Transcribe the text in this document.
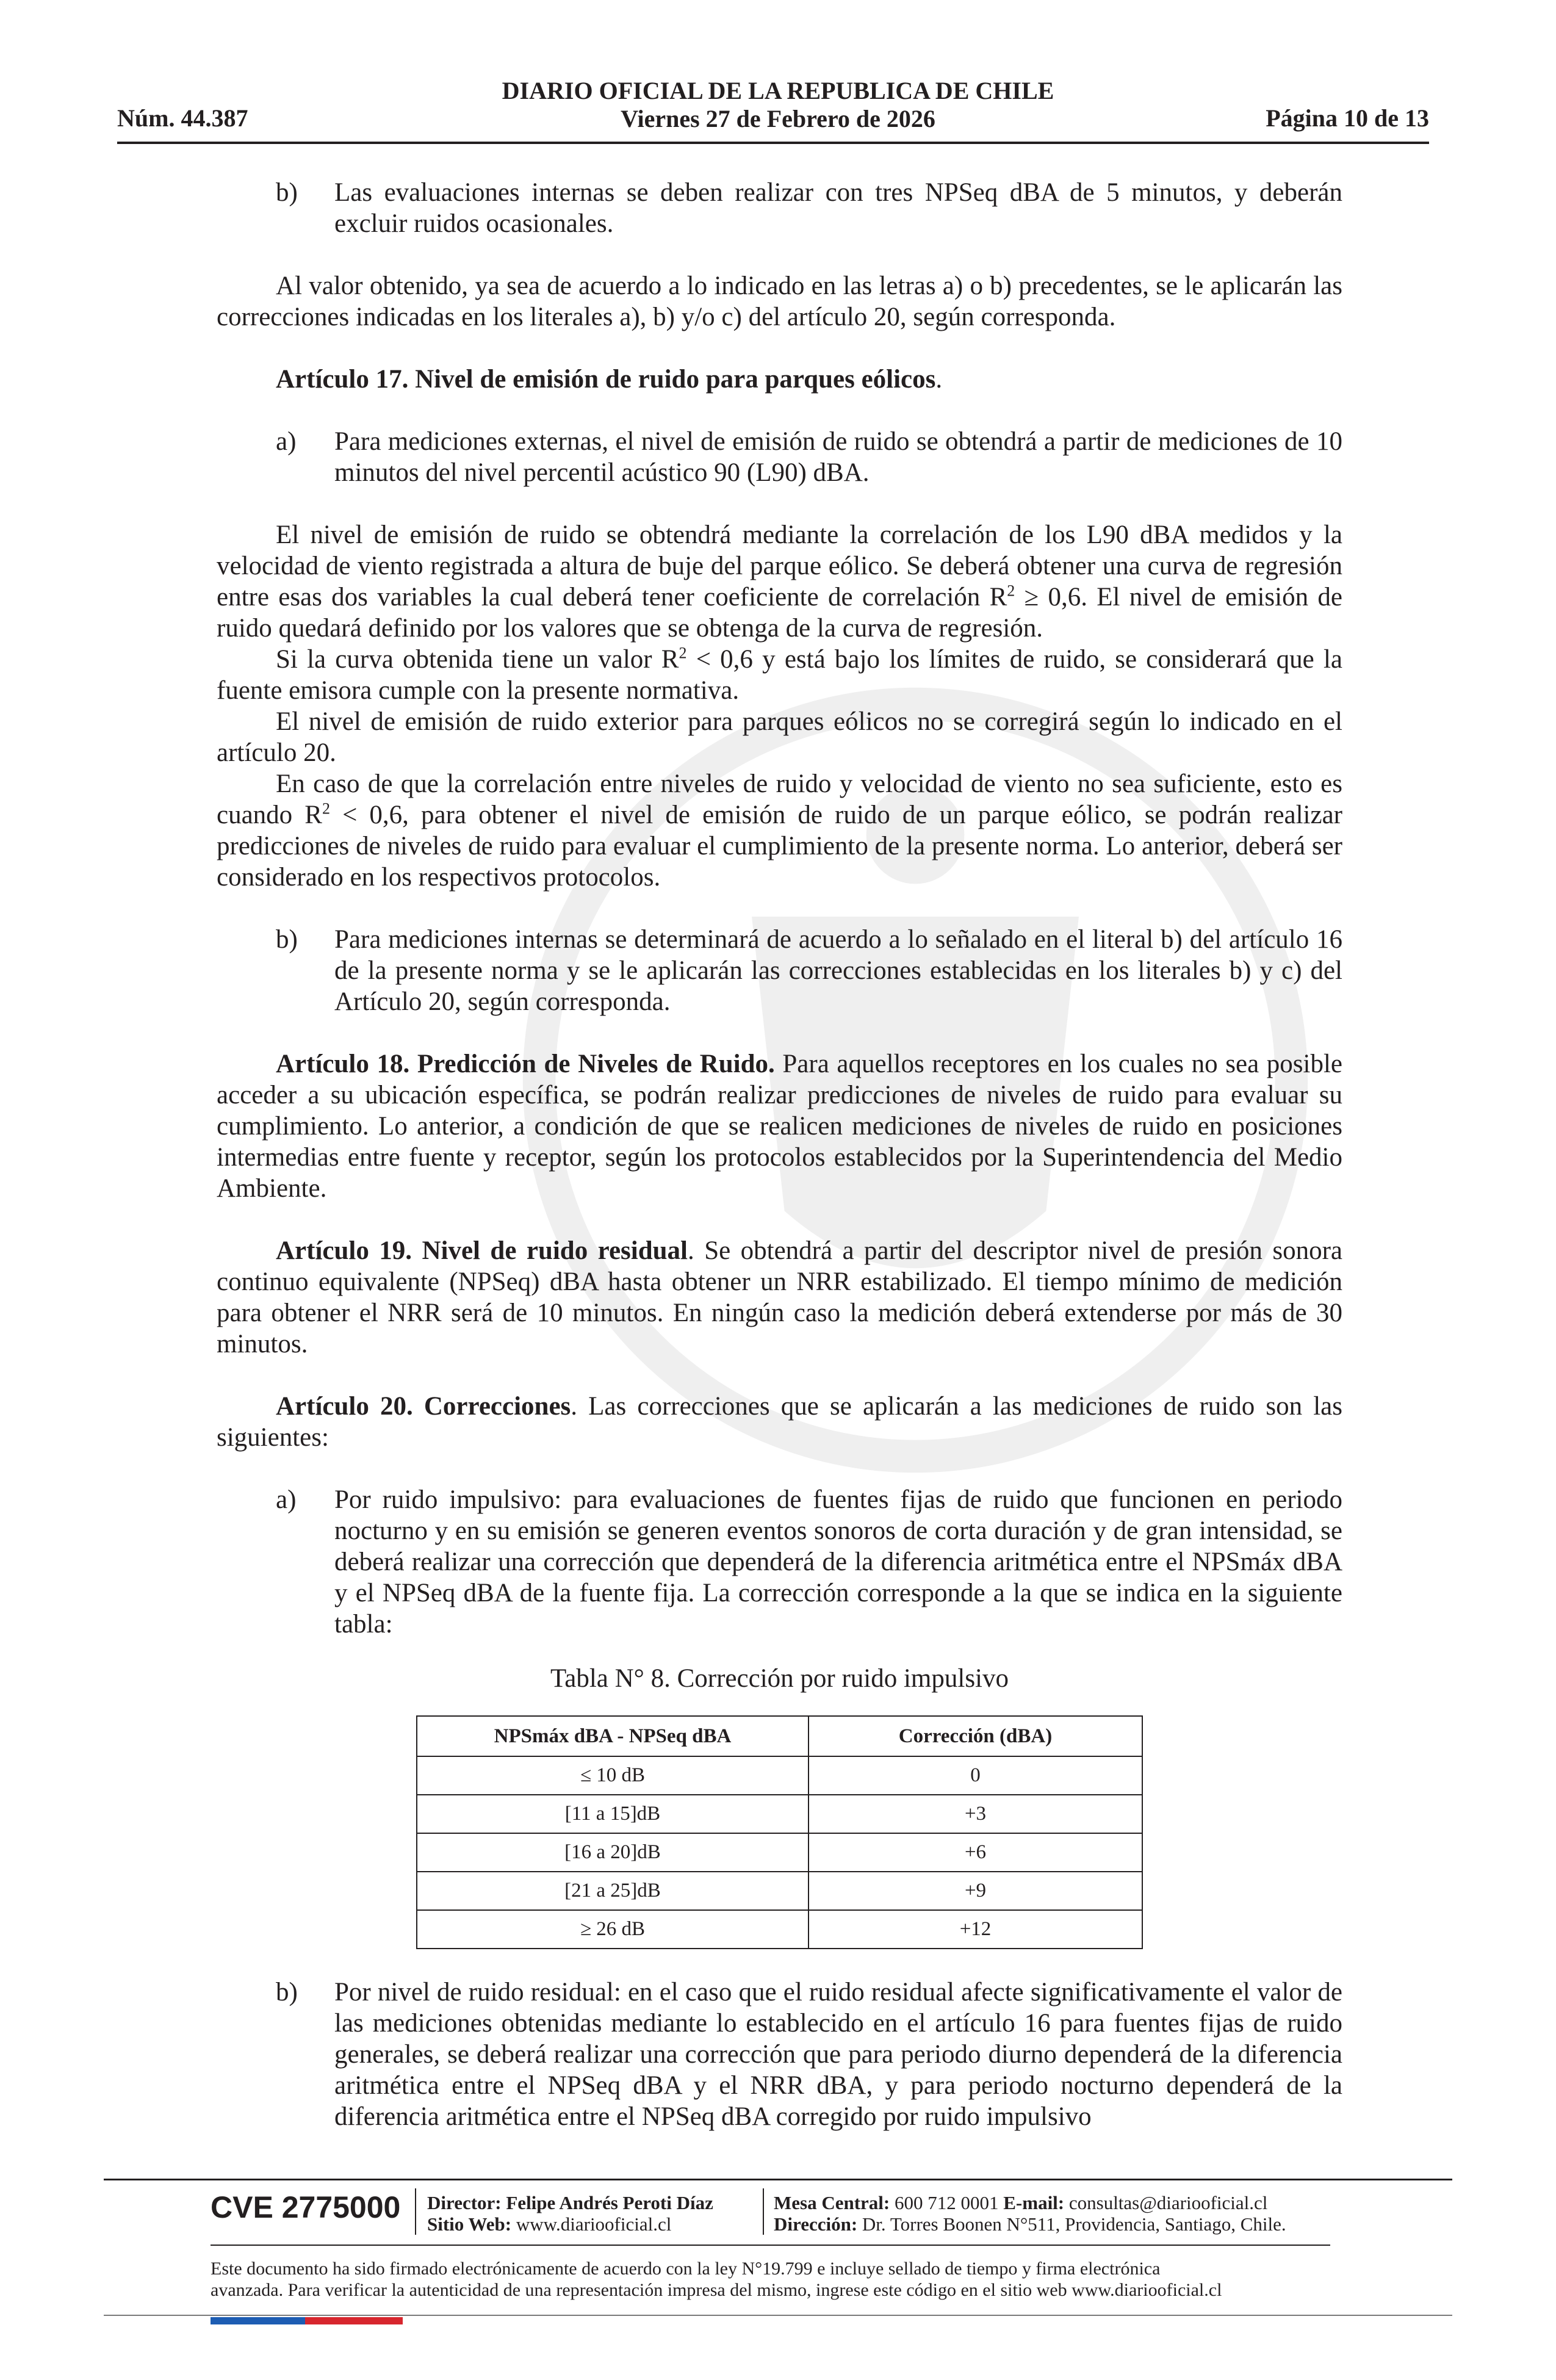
Núm. 44.387
DIARIO OFICIAL DE LA REPUBLICA DE CHILE
Viernes 27 de Febrero de 2026	Página 10 de 13
b) Las evaluaciones internas se deben realizar con tres NPSeq dBA de 5 minutos, y deberán excluir ruidos ocasionales.

Al valor obtenido, ya sea de acuerdo a lo indicado en las letras a) o b) precedentes, se le aplicarán las correcciones indicadas en los literales a), b) y/o c) del artículo 20, según corresponda.

Artículo 17. Nivel de emisión de ruido para parques eólicos.

a) Para mediciones externas, el nivel de emisión de ruido se obtendrá a partir de mediciones de 10 minutos del nivel percentil acústico 90 (L90) dBA.

El nivel de emisión de ruido se obtendrá mediante la correlación de los L90 dBA medidos y la velocidad de viento registrada a altura de buje del parque eólico. Se deberá obtener una curva de regresión entre esas dos variables la cual deberá tener coeficiente de correlación $R^2 \ge 0,6$. El nivel de emisión de ruido quedará definido por los valores que se obtenga de la curva de regresión.

Si la curva obtenida tiene un valor $R^2 < 0,6$ y está bajo los límites de ruido, se considerará que la fuente emisora cumple con la presente normativa.

El nivel de emisión de ruido exterior para parques eólicos no se corregirá según lo indicado en el artículo 20.

En caso de que la correlación entre niveles de ruido y velocidad de viento no sea suficiente, esto es cuando $R^2 < 0,6$, para obtener el nivel de emisión de ruido de un parque eólico, se podrán realizar predicciones de niveles de ruido para evaluar el cumplimiento de la presente norma. Lo anterior, deberá ser considerado en los respectivos protocolos.

b) Para mediciones internas se determinará de acuerdo a lo señalado en el literal b) del artículo 16 de la presente norma y se le aplicarán las correcciones establecidas en los literales b) y c) del Artículo 20, según corresponda.

Artículo 18. Predicción de Niveles de Ruido. Para aquellos receptores en los cuales no sea posible acceder a su ubicación específica, se podrán realizar predicciones de niveles de ruido para evaluar su cumplimiento. Lo anterior, a condición de que se realicen mediciones de niveles de ruido en posiciones intermedias entre fuente y receptor, según los protocolos establecidos por la Superintendencia del Medio Ambiente.

Artículo 19. Nivel de ruido residual. Se obtendrá a partir del descriptor nivel de presión sonora continuo equivalente (NPSeq) dBA hasta obtener un NRR estabilizado. El tiempo mínimo de medición para obtener el NRR será de 10 minutos. En ningún caso la medición deberá extenderse por más de 30 minutos.

Artículo 20. Correcciones. Las correcciones que se aplicarán a las mediciones de ruido son las siguientes:

a) Por ruido impulsivo: para evaluaciones de fuentes fijas de ruido que funcionen en periodo nocturno y en su emisión se generen eventos sonoros de corta duración y de gran intensidad, se deberá realizar una corrección que dependerá de la diferencia aritmética entre el NPSmáx dBA y el NPSeq dBA de la fuente fija. La corrección corresponde a la que se indica en la siguiente tabla:

Tabla N° 8. Corrección por ruido impulsivo
NPSmáx dBA - NPSeq dBA	Corrección (dBA)
≤ 10 dB	0
[11 a 15]dB	+3
[16 a 20]dB	+6
[21 a 25]dB	+9
≥ 26 dB	+12
b) Por nivel de ruido residual: en el caso que el ruido residual afecte significativamente el valor de las mediciones obtenidas mediante lo establecido en el artículo 16 para fuentes fijas de ruido generales, se deberá realizar una corrección que para periodo diurno dependerá de la diferencia aritmética entre el NPSeq dBA y el NRR dBA, y para periodo nocturno dependerá de la diferencia aritmética entre el NPSeq dBA corregido por ruido impulsivo

CVE 2775000 Director: Felipe Andrés Peroti Díaz
Sitio Web: www.diariooficial.cl
Mesa Central: 600 712 0001 E-mail: consultas@diariooficial.cl
Dirección: Dr. Torres Boonen N°511, Providencia, Santiago, Chile.
Este documento ha sido firmado electrónicamente de acuerdo con la ley N°19.799 e incluye sellado de tiempo y firma electrónica
avanzada. Para verificar la autenticidad de una representación impresa del mismo, ingrese este código en el sitio web www.diariooficial.cl
